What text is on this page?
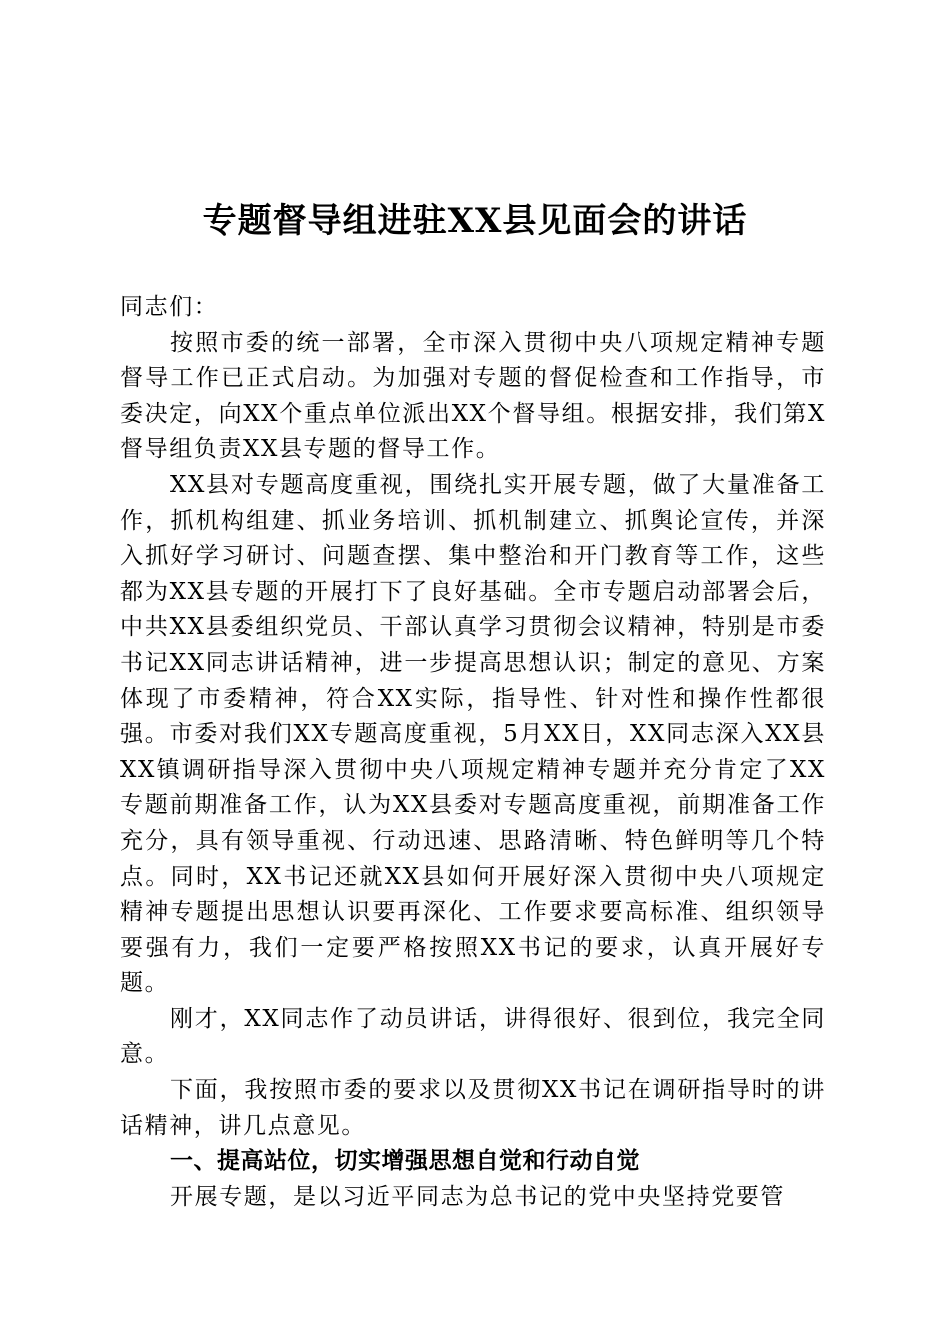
专题督导组进驻XX县见面会的讲话

同志们：

按照市委的统一部署，全市深入贯彻中央八项规定精神专题督导工作已正式启动。为加强对专题的督促检查和工作指导，市委决定，向XX个重点单位派出XX个督导组。根据安排，我们第X督导组负责XX县专题的督导工作。

XX县对专题高度重视，围绕扎实开展专题，做了大量准备工作，抓机构组建、抓业务培训、抓机制建立、抓舆论宣传，并深入抓好学习研讨、问题查摆、集中整治和开门教育等工作，这些都为XX县专题的开展打下了良好基础。全市专题启动部署会后，中共XX县委组织党员、干部认真学习贯彻会议精神，特别是市委书记XX同志讲话精神，进一步提高思想认识；制定的意见、方案体现了市委精神，符合XX实际，指导性、针对性和操作性都很强。市委对我们XX专题高度重视，5月XX日，XX同志深入XX县XX镇调研指导深入贯彻中央八项规定精神专题并充分肯定了XX专题前期准备工作，认为XX县委对专题高度重视，前期准备工作充分，具有领导重视、行动迅速、思路清晰、特色鲜明等几个特点。同时，XX书记还就XX县如何开展好深入贯彻中央八项规定精神专题提出思想认识要再深化、工作要求要高标准、组织领导要强有力，我们一定要严格按照XX书记的要求，认真开展好专题。

刚才，XX同志作了动员讲话，讲得很好、很到位，我完全同意。

下面，我按照市委的要求以及贯彻XX书记在调研指导时的讲话精神，讲几点意见。

一、提高站位，切实增强思想自觉和行动自觉

开展专题，是以习近平同志为总书记的党中央坚持党要管
